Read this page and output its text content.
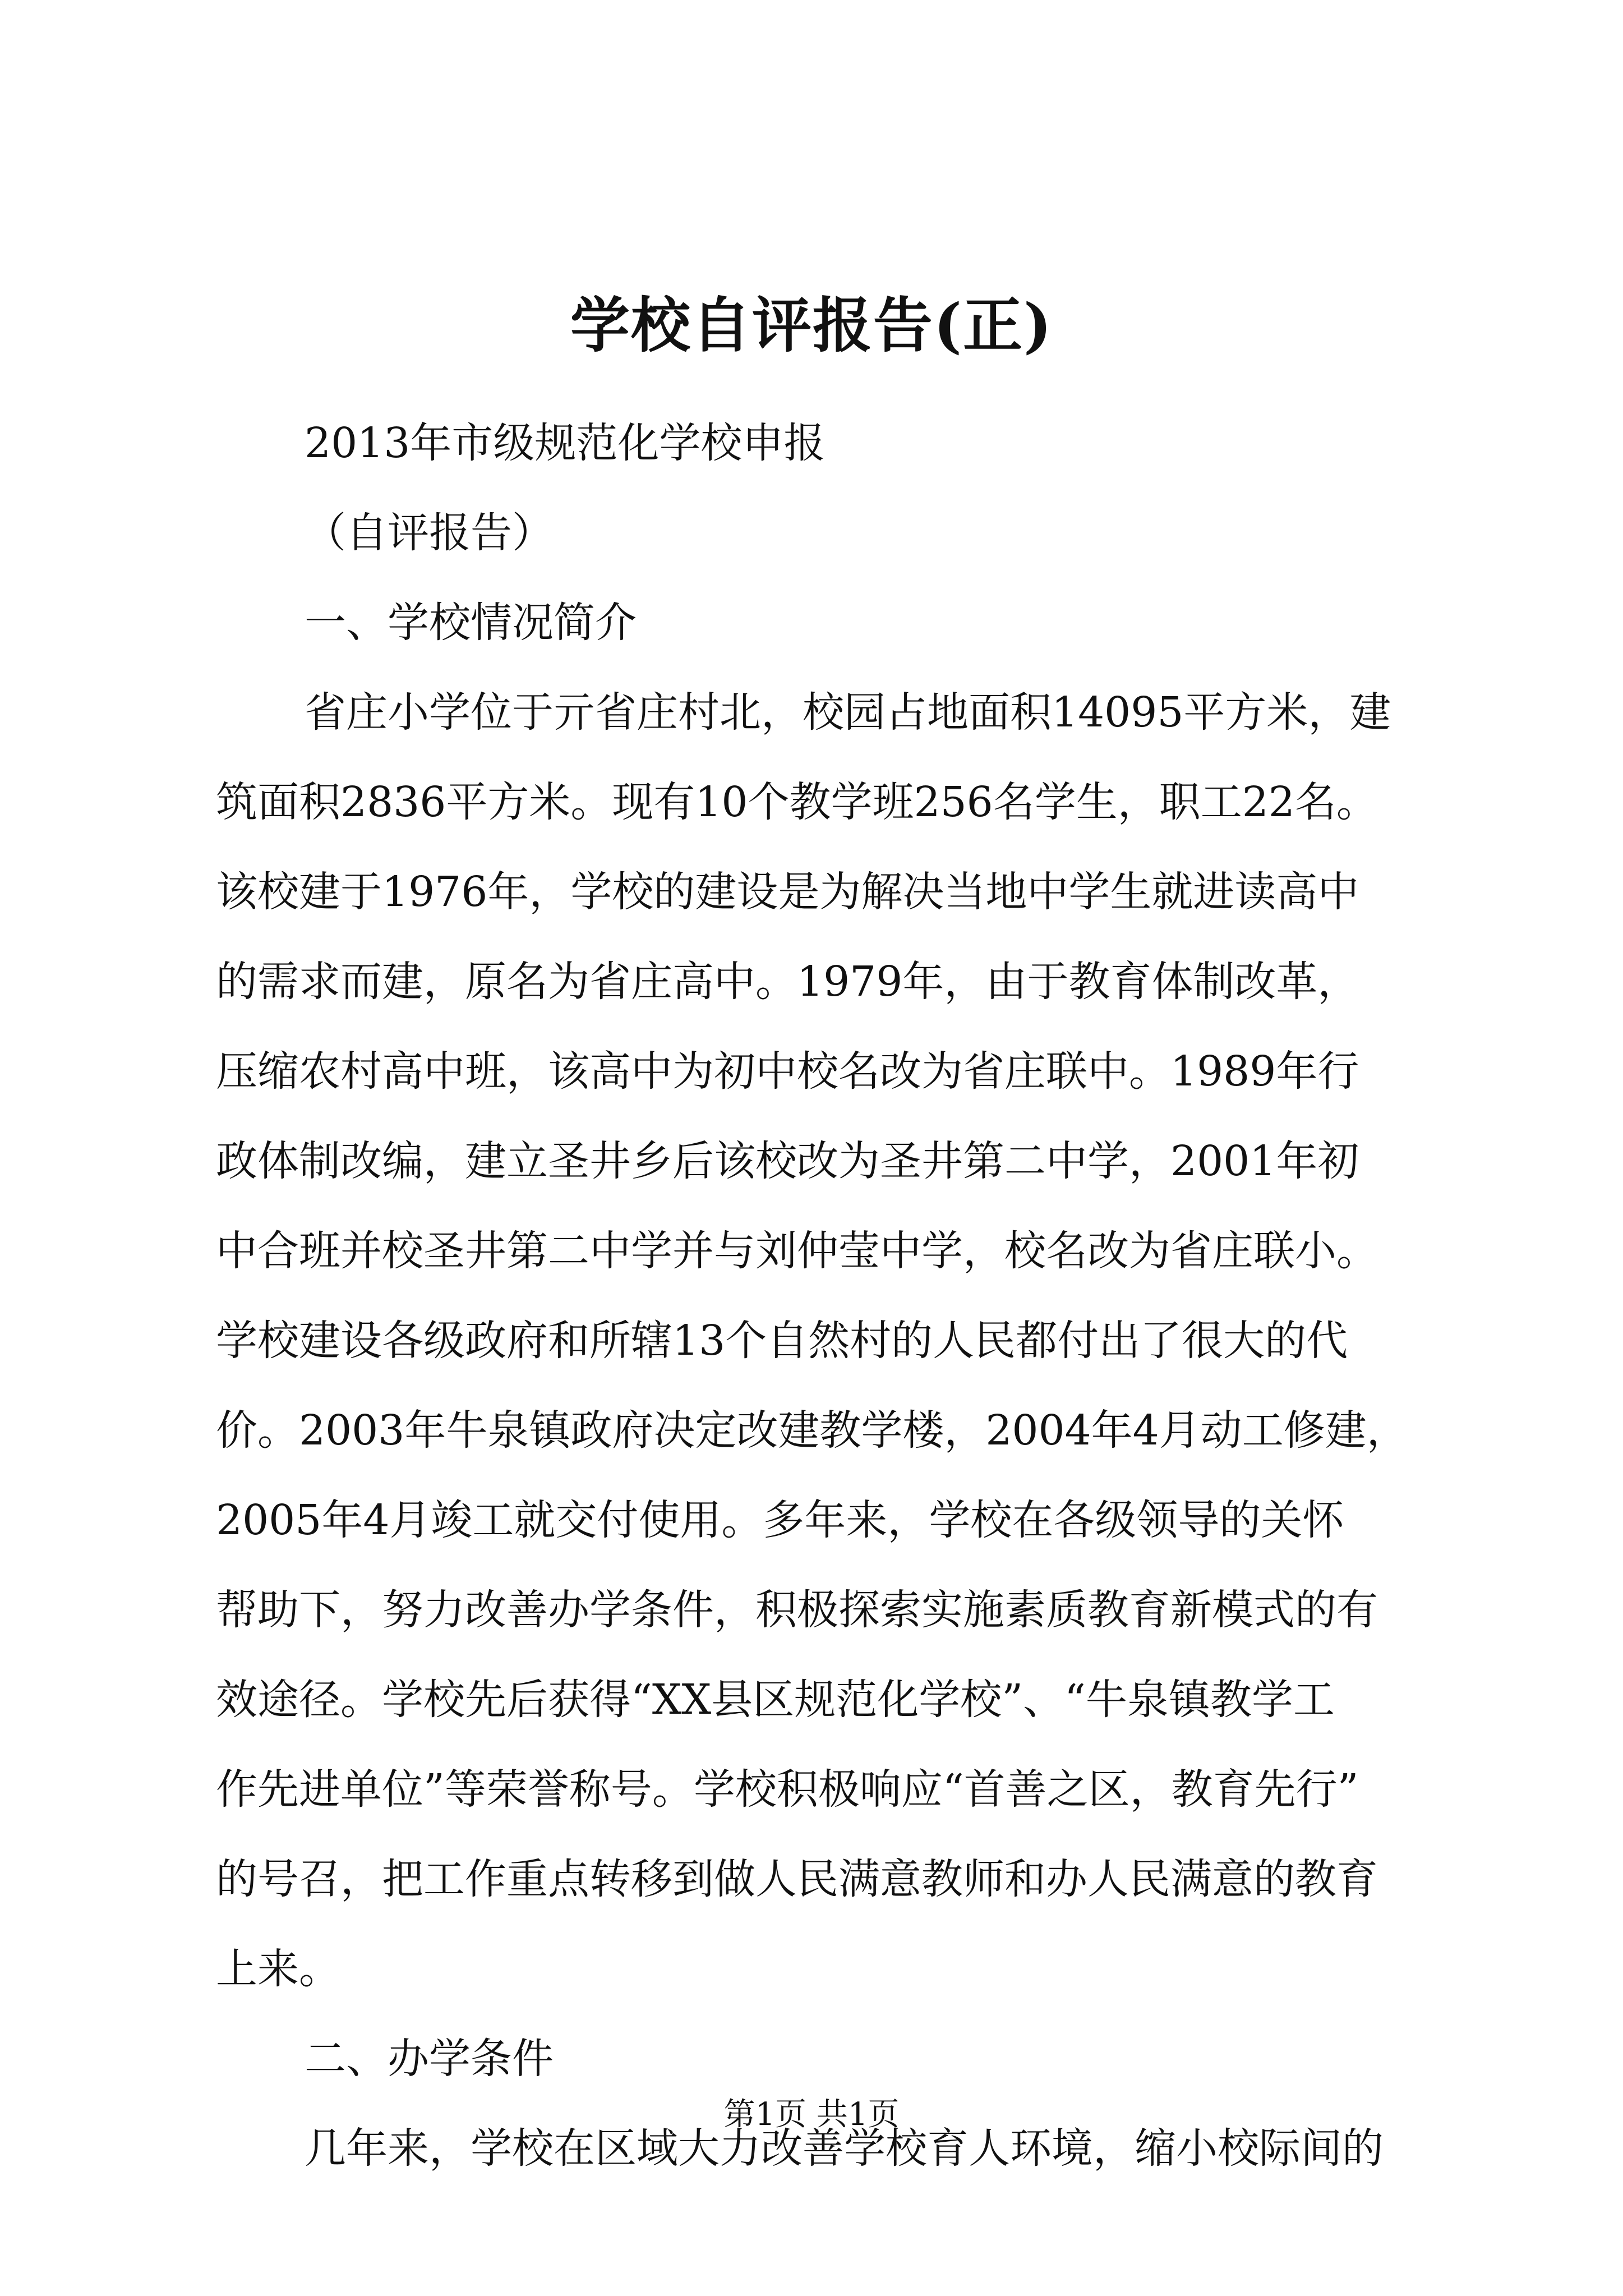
学校自评报告(正)
2013年市级规范化学校申报
（自评报告）
一、学校情况简介
省庄小学位于亓省庄村北，校园占地面积14095平方米，建
筑面积2836平方米。现有10个教学班256名学生，职工22名。
该校建于1976年，学校的建设是为解决当地中学生就进读高中
的需求而建，原名为省庄高中。1979年，由于教育体制改革，
压缩农村高中班，该高中为初中校名改为省庄联中。1989年行
政体制改编，建立圣井乡后该校改为圣井第二中学，2001年初
中合班并校圣井第二中学并与刘仲莹中学，校名改为省庄联小。
学校建设各级政府和所辖13个自然村的人民都付出了很大的代
价。2003年牛泉镇政府决定改建教学楼，2004年4月动工修建，
2005年4月竣工就交付使用。多年来，学校在各级领导的关怀
帮助下，努力改善办学条件，积极探索实施素质教育新模式的有
效途径。学校先后获得“XX县区规范化学校”、“牛泉镇教学工
作先进单位”等荣誉称号。学校积极响应“首善之区，教育先行”
的号召，把工作重点转移到做人民满意教师和办人民满意的教育
上来。
二、办学条件
几年来，学校在区域大力改善学校育人环境，缩小校际间的
第1页 共1页
